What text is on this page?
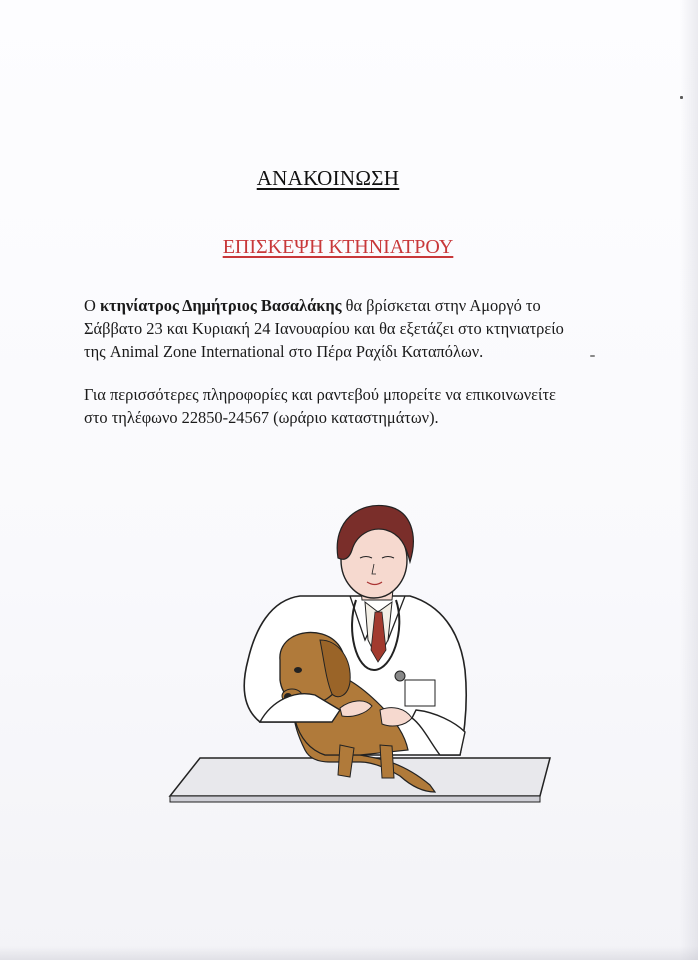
ΑΝΑΚΟΙΝΩΣΗ
ΕΠΙΣΚΕΨΗ ΚΤΗΝΙΑΤΡΟΥ
Ο κτηνίατρος Δημήτριος Βασαλάκης θα βρίσκεται στην Αμοργό το
Σάββατο 23 και Κυριακή 24 Ιανουαρίου και θα εξετάζει στο κτηνιατρείο
της Animal Zone International στο Πέρα Ραχίδι Καταπόλων.
Για περισσότερες πληροφορίες και ραντεβού μπορείτε να επικοινωνείτε
στο τηλέφωνο 22850-24567 (ωράριο καταστημάτων).
